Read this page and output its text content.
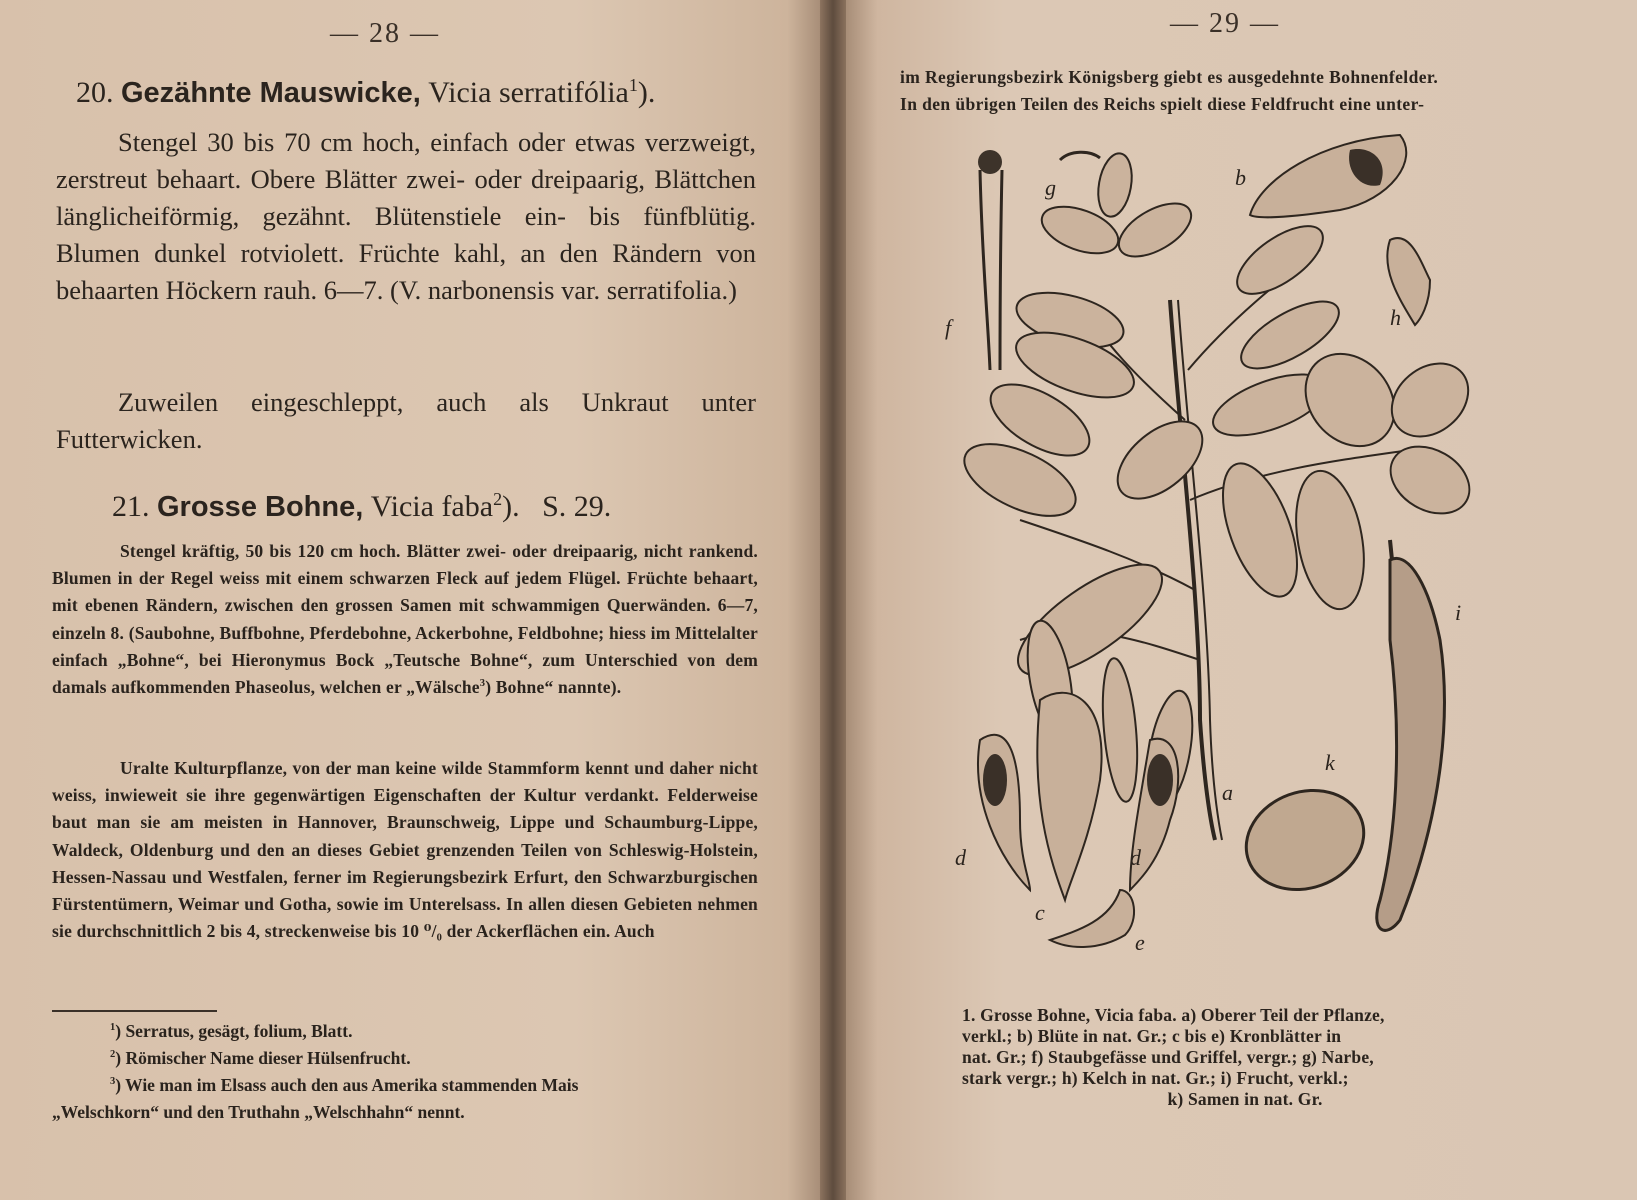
— 28 —
20. Gezähnte Mauswicke, Vicia serratifólia$^1$).

Stengel 30 bis 70 cm hoch, einfach oder etwas verzweigt, zerstreut behaart. Obere Blätter zwei- oder dreipaarig, Blättchen länglicheiförmig, gezähnt. Blütenstiele ein- bis fünfblütig. Blumen dunkel rotviolett. Früchte kahl, an den Rändern von behaarten Höckern rauh. 6—7. (V. narbonensis var. serratifolia.)

Zuweilen eingeschleppt, auch als Unkraut unter Futterwicken.

21. Grosse Bohne, Vicia faba$^2$). S. 29.

Stengel kräftig, 50 bis 120 cm hoch. Blätter zwei- oder dreipaarig, nicht rankend. Blumen in der Regel weiss mit einem schwarzen Fleck auf jedem Flügel. Früchte behaart, mit ebenen Rändern, zwischen den grossen Samen mit schwammigen Querwänden. 6—7, einzeln 8. (Saubohne, Buffbohne, Pferdebohne, Ackerbohne, Feldbohne; hiess im Mittelalter einfach „Bohne“, bei Hieronymus Bock „Teutsche Bohne“, zum Unterschied von dem damals aufkommenden Phaseolus, welchen er „Wälsche$^3$) Bohne“ nannte).

Uralte Kulturpflanze, von der man keine wilde Stammform kennt und daher nicht weiss, inwieweit sie ihre gegenwärtigen Eigenschaften der Kultur verdankt. Felderweise baut man sie am meisten in Hannover, Braunschweig, Lippe und Schaumburg-Lippe, Waldeck, Oldenburg und den an dieses Gebiet grenzenden Teilen von Schleswig-Holstein, Hessen-Nassau und Westfalen, ferner im Regierungsbezirk Erfurt, den Schwarzburgischen Fürstentümern, Weimar und Gotha, sowie im Unterelsass. In allen diesen Gebieten nehmen sie durchschnittlich 2 bis 4, streckenweise bis 10 ⁰/₀ der Ackerflächen ein. Auch

$^1$) Serratus, gesägt, folium, Blatt.

$^2$) Römischer Name dieser Hülsenfrucht.

$^3$) Wie man im Elsass auch den aus Amerika stammenden Mais

„Welschkorn“ und den Truthahn „Welschhahn“ nennt.

— 29 —

im Regierungsbezirk Königsberg giebt es ausgedehnte Bohnenfelder.

In den übrigen Teilen des Reichs spielt diese Feldfrucht eine unter-

a
b
c
d	d
e
f
g
h
i
k

1. Grosse Bohne, Vicia faba. a) Oberer Teil der Pflanze,

verkl.; b) Blüte in nat. Gr.; c bis e) Kronblätter in

nat. Gr.; f) Staubgefässe und Griffel, vergr.; g) Narbe,

stark vergr.; h) Kelch in nat. Gr.; i) Frucht, verkl.;

k) Samen in nat. Gr.
